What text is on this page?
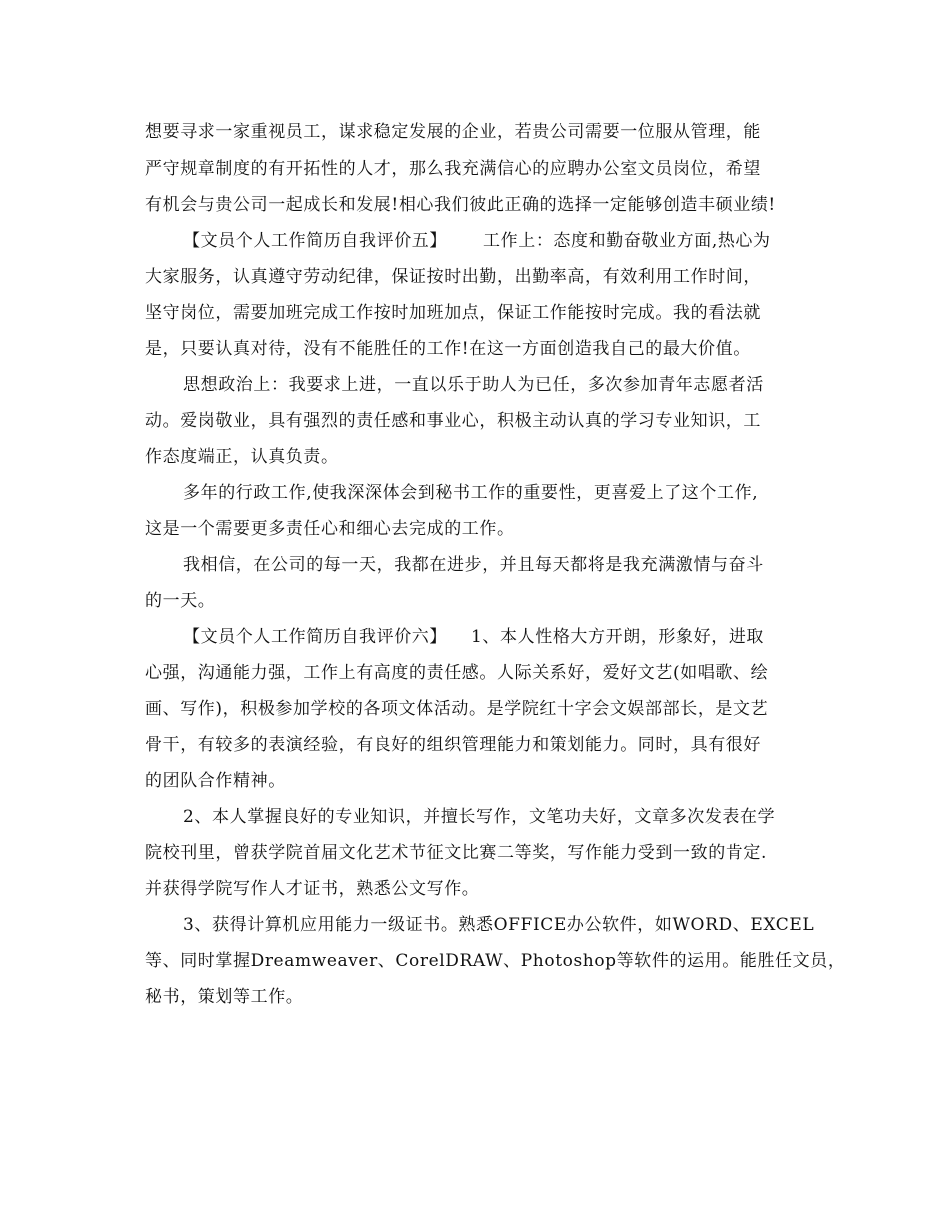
想要寻求一家重视员工，谋求稳定发展的企业，若贵公司需要一位服从管理，能
严守规章制度的有开拓性的人才，那么我充满信心的应聘办公室文员岗位，希望
有机会与贵公司一起成长和发展!相心我们彼此正确的选择一定能够创造丰硕业绩!
【文员个人工作简历自我评价五】      工作上：态度和勤奋敬业方面,热心为
大家服务，认真遵守劳动纪律，保证按时出勤，出勤率高，有效利用工作时间，
坚守岗位，需要加班完成工作按时加班加点，保证工作能按时完成。我的看法就
是，只要认真对待，没有不能胜任的工作!在这一方面创造我自己的最大价值。
思想政治上：我要求上进，一直以乐于助人为已任，多次参加青年志愿者活
动。爱岗敬业，具有强烈的责任感和事业心，积极主动认真的学习专业知识，工
作态度端正，认真负责。
多年的行政工作,使我深深体会到秘书工作的重要性，更喜爱上了这个工作,
这是一个需要更多责任心和细心去完成的工作。
我相信，在公司的每一天，我都在进步，并且每天都将是我充满激情与奋斗
的一天。
【文员个人工作简历自我评价六】    1、本人性格大方开朗，形象好，进取
心强，沟通能力强，工作上有高度的责任感。人际关系好，爱好文艺(如唱歌、绘
画、写作)，积极参加学校的各项文体活动。是学院红十字会文娱部部长，是文艺
骨干，有较多的表演经验，有良好的组织管理能力和策划能力。同时，具有很好
的团队合作精神。
2、本人掌握良好的专业知识，并擅长写作，文笔功夫好，文章多次发表在学
院校刊里，曾获学院首届文化艺术节征文比赛二等奖，写作能力受到一致的肯定.
并获得学院写作人才证书，熟悉公文写作。
3、获得计算机应用能力一级证书。熟悉OFFICE办公软件，如WORD、EXCEL
等、同时掌握Dreamweaver、CorelDRAW、Photoshop等软件的运用。能胜任文员，
秘书，策划等工作。
